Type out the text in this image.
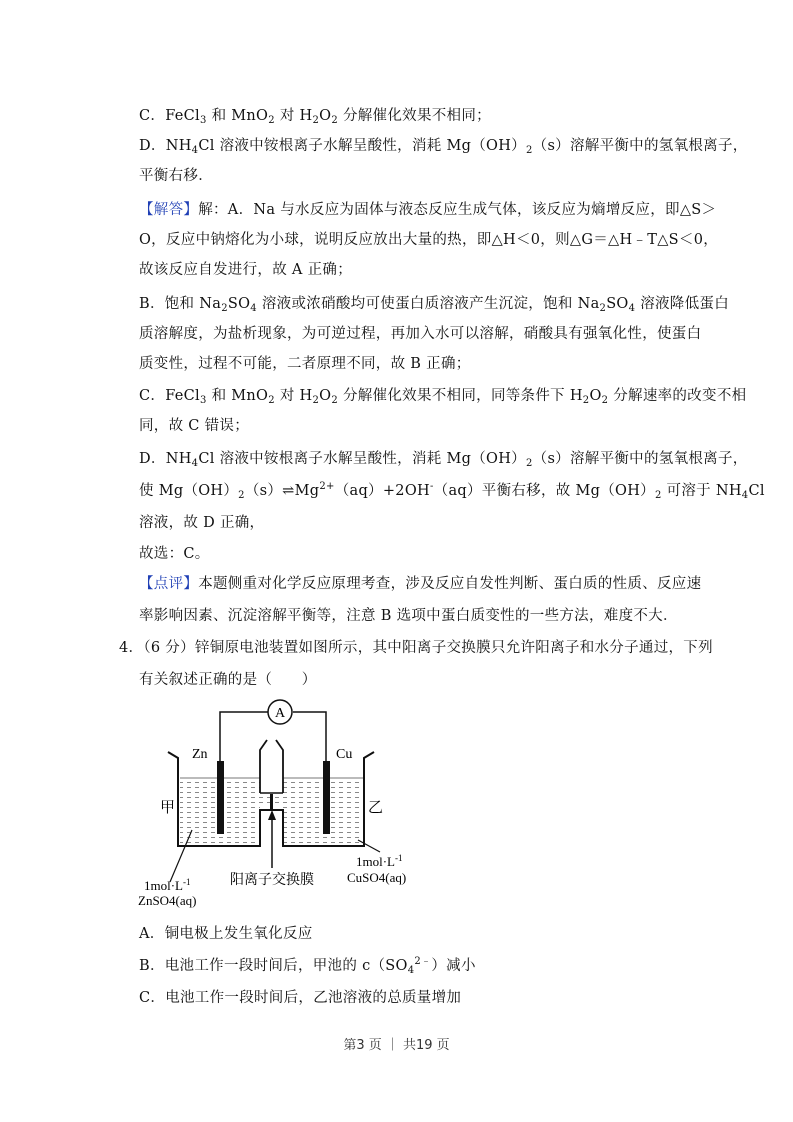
C．FeCl$_3$ 和 MnO$_2$ 对 $H_2O_2$ 分解催化效果不相同；
D．$NH_4Cl$ 溶液中铵根离子水解呈酸性，消耗 $Mg(OH)_2(s)$溶解平衡中的氢氧根离子，
平衡右移．
【解答】解：A．Na 与水反应为固体与液态反应生成气体，该反应为熵增反应，即△S＞
O，反应中钠熔化为小球，说明反应放出大量的热，即△H＜0，则△G＝△H﹣T△S＜0，
故该反应自发进行，故 A 正确；
B．饱和 $Na_2SO_4$ 溶液或浓硝酸均可使蛋白质溶液产生沉淀，饱和 $Na_2SO_4$ 溶液降低蛋白
质溶解度，为盐析现象，为可逆过程，再加入水可以溶解，硝酸具有强氧化性，使蛋白
质变性，过程不可能，二者原理不同，故 B 正确；
C．FeCl$_3$ 和 MnO$_2$ 对 $H_2O_2$ 分解催化效果不相同，同等条件下 $H_2O_2$ 分解速率的改变不相
同，故 C 错误；
D．$NH_4Cl$ 溶液中铵根离子水解呈酸性，消耗 $Mg(OH)_2(s)$溶解平衡中的氢氧根离子，
使 $Mg(OH)_2(s)\rightleftharpoons Mg^{2+}(aq)+2OH^-(aq)$平衡右移，故 $Mg(OH)_2$ 可溶于 $NH_4Cl$
溶液，故 D 正确，
故选：C。
【点评】本题侧重对化学反应原理考查，涉及反应自发性判断、蛋白质的性质、反应速
率影响因素、沉淀溶解平衡等，注意 B 选项中蛋白质变性的一些方法，难度不大．
4．（6 分）锌铜原电池装置如图所示，其中阳离子交换膜只允许阳离子和水分子通过，下列
有关叙述正确的是（　　）
A
Zn	Cu
甲	乙
阳离子交换膜
$1mol\cdot L^{-1}$
ZnSO4(aq)
$1mol\cdot L^{-1}$
CuSO4(aq)
A．铜电极上发生氧化反应
B．电池工作一段时间后，甲池的 $c(SO_4^{2﹣})$减小
C．电池工作一段时间后，乙池溶液的总质量增加
第3 页 ｜ 共19 页
